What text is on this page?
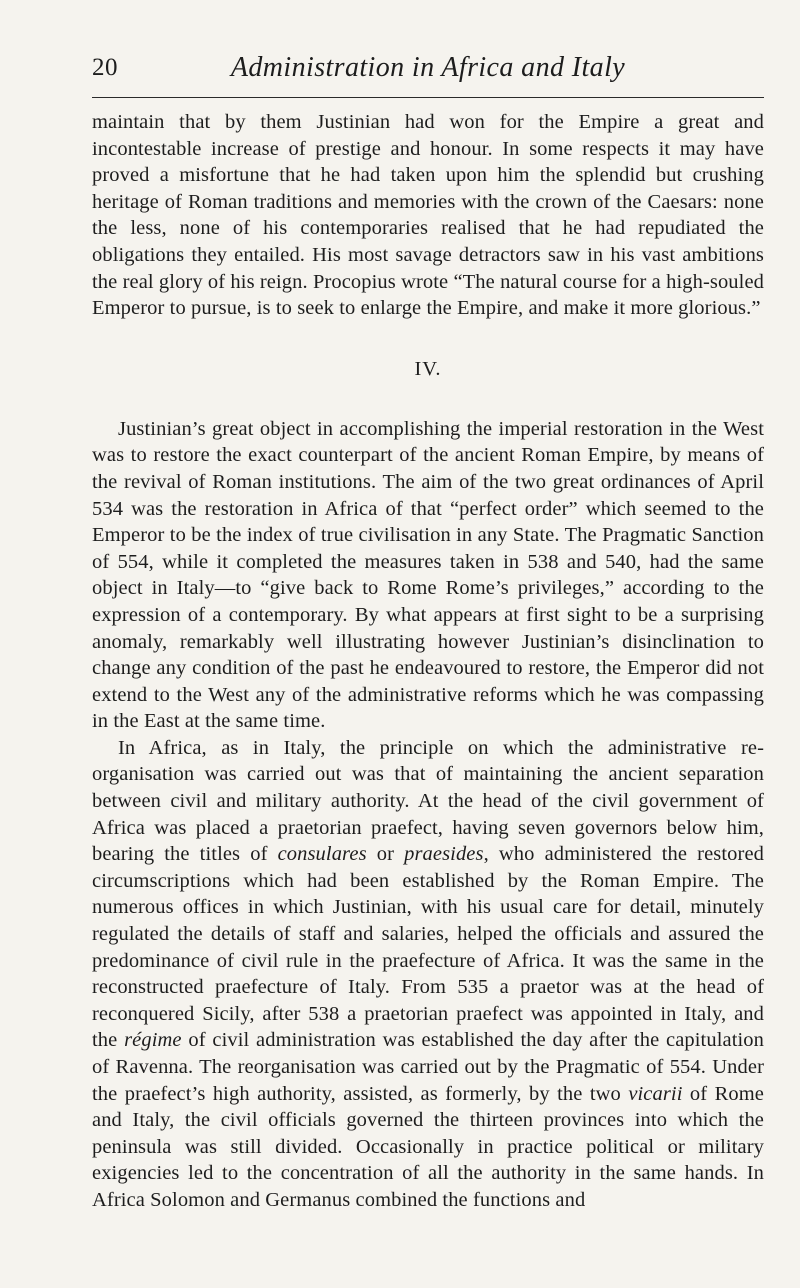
20	Administration in Africa and Italy

maintain that by them Justinian had won for the Empire a great and incontestable increase of prestige and honour. In some respects it may have proved a misfortune that he had taken upon him the splendid but crushing heritage of Roman traditions and memories with the crown of the Caesars: none the less, none of his contemporaries realised that he had repudiated the obligations they entailed. His most savage detractors saw in his vast ambitions the real glory of his reign. Procopius wrote “The natural course for a high-souled Emperor to pursue, is to seek to enlarge the Empire, and make it more glorious.”

IV.

Justinian’s great object in accomplishing the imperial restoration in the West was to restore the exact counterpart of the ancient Roman Empire, by means of the revival of Roman institutions. The aim of the two great ordinances of April 534 was the restoration in Africa of that “perfect order” which seemed to the Emperor to be the index of true civilisation in any State. The Pragmatic Sanction of 554, while it completed the measures taken in 538 and 540, had the same object in Italy—to “give back to Rome Rome’s privileges,” according to the expression of a contemporary. By what appears at first sight to be a surprising anomaly, remarkably well illustrating however Justinian’s disinclination to change any condition of the past he endeavoured to restore, the Emperor did not extend to the West any of the administrative reforms which he was compassing in the East at the same time.

In Africa, as in Italy, the principle on which the administrative re-organisation was carried out was that of maintaining the ancient separation between civil and military authority. At the head of the civil government of Africa was placed a praetorian praefect, having seven governors below him, bearing the titles of consulares or praesides, who administered the restored circumscriptions which had been established by the Roman Empire. The numerous offices in which Justinian, with his usual care for detail, minutely regulated the details of staff and salaries, helped the officials and assured the predominance of civil rule in the praefecture of Africa. It was the same in the reconstructed praefecture of Italy. From 535 a praetor was at the head of reconquered Sicily, after 538 a praetorian praefect was appointed in Italy, and the régime of civil administration was established the day after the capitulation of Ravenna. The reorganisation was carried out by the Pragmatic of 554. Under the praefect’s high authority, assisted, as formerly, by the two vicarii of Rome and Italy, the civil officials governed the thirteen provinces into which the peninsula was still divided. Occasionally in practice political or military exigencies led to the concentration of all the authority in the same hands. In Africa Solomon and Germanus combined the functions and
